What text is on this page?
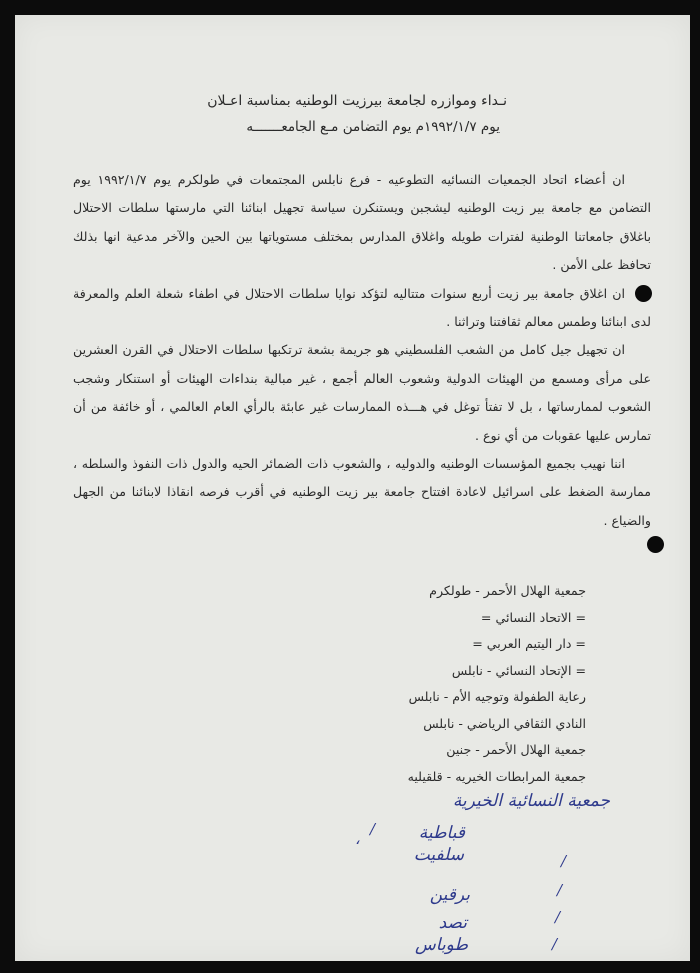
نـداء وموازره لجامعة بيرزيت الوطنيه بمناسبة اعـلان
يوم ١٩٩٢/١/٧م يوم التضامن مـع الجامعـــــــه

ان أعضاء اتحاد الجمعيات النسائيه التطوعيه - فرع نابلس المجتمعات في طولكرم يوم ١٩٩٢/١/٧ يوم التضامن مع جامعة بير زيت الوطنيه ليشجبن ويستنكرن سياسة تجهيل ابنائنا التي مارستها سلطات الاحتلال باغلاق جامعاتنا الوطنية لفترات طويله واغلاق المدارس بمختلف مستوياتها بين الحين والآخر مدعية انها بذلك تحافظ على الأمن .

ان اغلاق جامعة بير زيت أربع سنوات متتاليه لتؤكد نوايا سلطات الاحتلال في اطفاء شعلة العلم والمعرفة لدى ابنائنا وطمس معالم ثقافتنا وتراثنا .

ان تجهيل جيل كامل من الشعب الفلسطيني هو جريمة بشعة ترتكبها سلطات الاحتلال في القرن العشرين على مرأى ومسمع من الهيئات الدولية وشعوب العالم أجمع ، غير مبالية بنداءات الهيئات أو استنكار وشجب الشعوب لممارساتها ، بل لا تفتأ توغل في هـــذه الممارسات غير عابئة بالرأي العام العالمي ، أو خائفة من أن تمارس عليها عقوبات من أي نوع .

اننا نهيب بجميع المؤسسات الوطنيه والدوليه ، والشعوب ذات الضمائر الحيه والدول ذات النفوذ والسلطه ، ممارسة الضغط على اسرائيل لاعادة افتتاح جامعة بير زيت الوطنيه في أقرب فرصه انقاذا لابنائنا من الجهل والضياع .

جمعية الهلال الأحمر - طولكرم
= الاتحاد النسائي =
= دار اليتيم العربي =
= الإتحاد النسائي - نابلس
رعاية الطفولة وتوجيه الأم - نابلس
النادي الثقافي الرياضي - نابلس
جمعية الهلال الأحمر - جنين
جمعية المرابطات الخيريه - قلقيليه
جمعية النسائية الخيرية
قباطية
سلفيت
برقين
تصد
طوباس
/
،
/
/
/
/
